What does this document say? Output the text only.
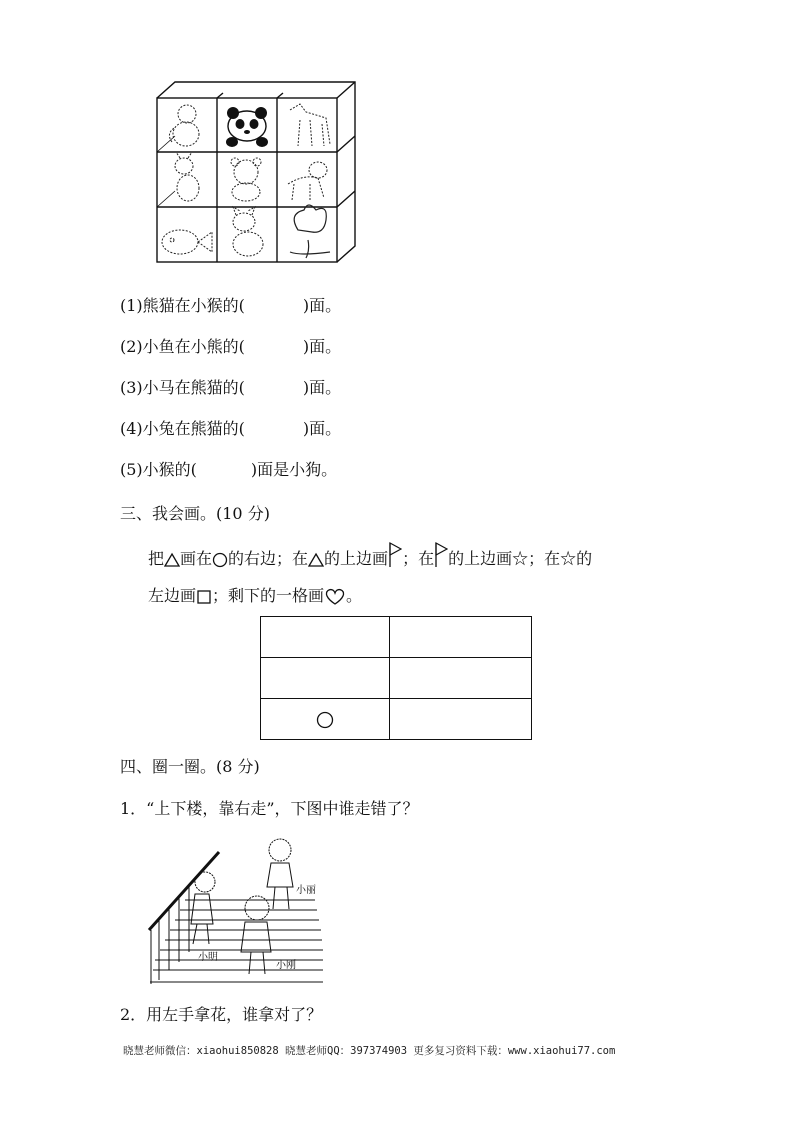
(1)熊猫在小猴的(	)面。
(2)小鱼在小熊的(	)面。
(3)小马在熊猫的(	)面。
(4)小兔在熊猫的(	)面。
(5)小猴的(	)面是小狗。
三、我会画。(10 分)
把 画在 的右边；在 的上边画 ；在 的上边画☆；在☆的
左边画 ；剩下的一格画 。

四、圈一圈。(8 分)
1．“上下楼，靠右走”，下图中谁走错了？
小明
小丽
小刚
2．用左手拿花，谁拿对了？
晓慧老师微信：xiaohui850828 晓慧老师QQ：397374903 更多复习资料下载：www.xiaohui77.com
